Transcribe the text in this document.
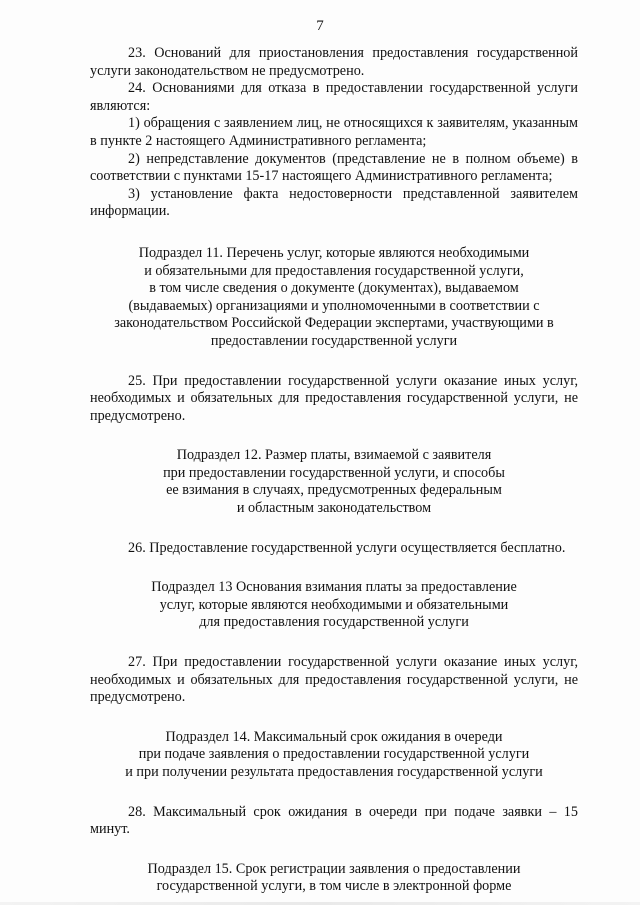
7

23. Оснований для приостановления предоставления государственной услуги законодательством не предусмотрено.

24. Основаниями для отказа в предоставлении государственной услуги являются:

1) обращения с заявлением лиц, не относящихся к заявителям, указанным в пункте 2 настоящего Административного регламента;

2) непредставление документов (представление не в полном объеме) в соответствии с пунктами 15-17 настоящего Административного регламента;

3) установление факта недостоверности представленной заявителем информации.

Подраздел 11. Перечень услуг, которые являются необходимыми

и обязательными для предоставления государственной услуги,

в том числе сведения о документе (документах), выдаваемом

(выдаваемых) организациями и уполномоченными в соответствии с

законодательством Российской Федерации экспертами, участвующими в

предоставлении государственной услуги

25. При предоставлении государственной услуги оказание иных услуг, необходимых и обязательных для предоставления государственной услуги, не предусмотрено.

Подраздел 12. Размер платы, взимаемой с заявителя

при предоставлении государственной услуги, и способы

ее взимания в случаях, предусмотренных федеральным

и областным законодательством

26. Предоставление государственной услуги осуществляется бесплатно.

Подраздел 13 Основания взимания платы за предоставление

услуг, которые являются необходимыми и обязательными

для предоставления государственной услуги

27. При предоставлении государственной услуги оказание иных услуг, необходимых и обязательных для предоставления государственной услуги, не предусмотрено.

Подраздел 14. Максимальный срок ожидания в очереди

при подаче заявления о предоставлении государственной услуги

и при получении результата предоставления государственной услуги

28. Максимальный срок ожидания в очереди при подаче заявки – 15 минут.

Подраздел 15. Срок регистрации заявления о предоставлении

государственной услуги, в том числе в электронной форме
